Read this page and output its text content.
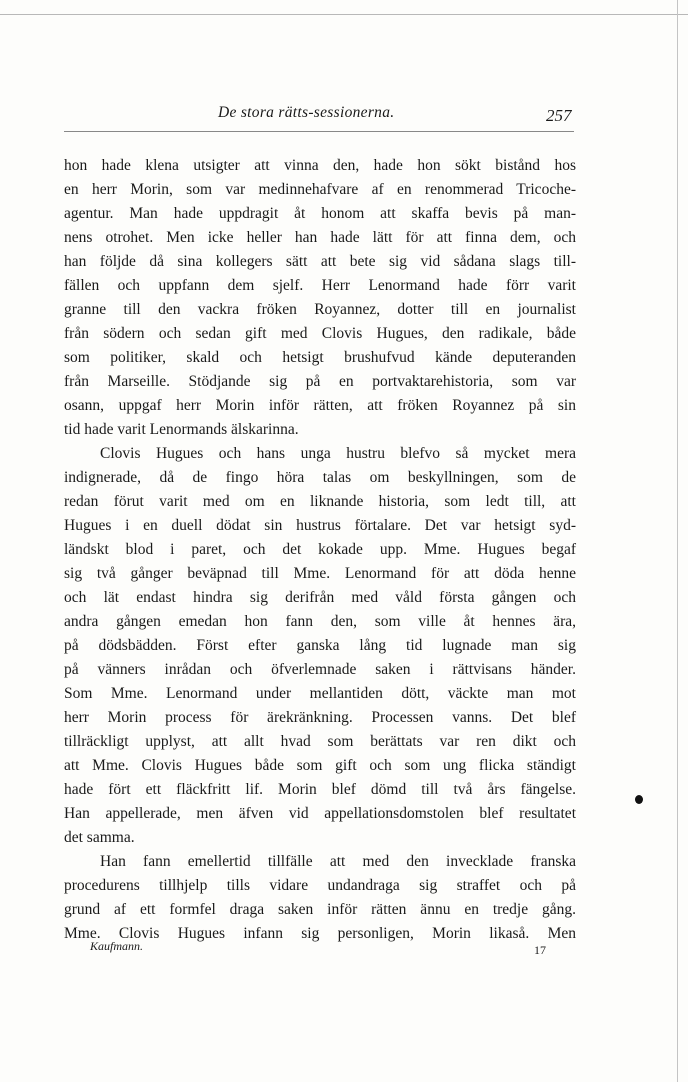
De stora rätts-sessionerna.	257
hon hade klena utsigter att vinna den, hade hon sökt bistånd hos
en herr Morin, som var medinnehafvare af en renommerad Tricoche-
agentur. Man hade uppdragit åt honom att skaffa bevis på man-
nens otrohet. Men icke heller han hade lätt för att finna dem, och
han följde då sina kollegers sätt att bete sig vid sådana slags till-
fällen och uppfann dem sjelf. Herr Lenormand hade förr varit
granne till den vackra fröken Royannez, dotter till en journalist
från södern och sedan gift med Clovis Hugues, den radikale, både
som politiker, skald och hetsigt brushufvud kände deputeranden
från Marseille. Stödjande sig på en portvaktarehistoria, som var
osann, uppgaf herr Morin inför rätten, att fröken Royannez på sin
tid hade varit Lenormands älskarinna.
Clovis Hugues och hans unga hustru blefvo så mycket mera
indignerade, då de fingo höra talas om beskyllningen, som de
redan förut varit med om en liknande historia, som ledt till, att
Hugues i en duell dödat sin hustrus förtalare. Det var hetsigt syd-
ländskt blod i paret, och det kokade upp. Mme. Hugues begaf
sig två gånger beväpnad till Mme. Lenormand för att döda henne
och lät endast hindra sig derifrån med våld första gången och
andra gången emedan hon fann den, som ville åt hennes ära,
på dödsbädden. Först efter ganska lång tid lugnade man sig
på vänners inrådan och öfverlemnade saken i rättvisans händer.
Som Mme. Lenormand under mellantiden dött, väckte man mot
herr Morin process för ärekränkning. Processen vanns. Det blef
tillräckligt upplyst, att allt hvad som berättats var ren dikt och
att Mme. Clovis Hugues både som gift och som ung flicka ständigt
hade fört ett fläckfritt lif. Morin blef dömd till två års fängelse.
Han appellerade, men äfven vid appellationsdomstolen blef resultatet
det samma.
Han fann emellertid tillfälle att med den invecklade franska
procedurens tillhjelp tills vidare undandraga sig straffet och på
grund af ett formfel draga saken inför rätten ännu en tredje gång.
Mme. Clovis Hugues infann sig personligen, Morin likaså. Men
Kaufmann.	17
